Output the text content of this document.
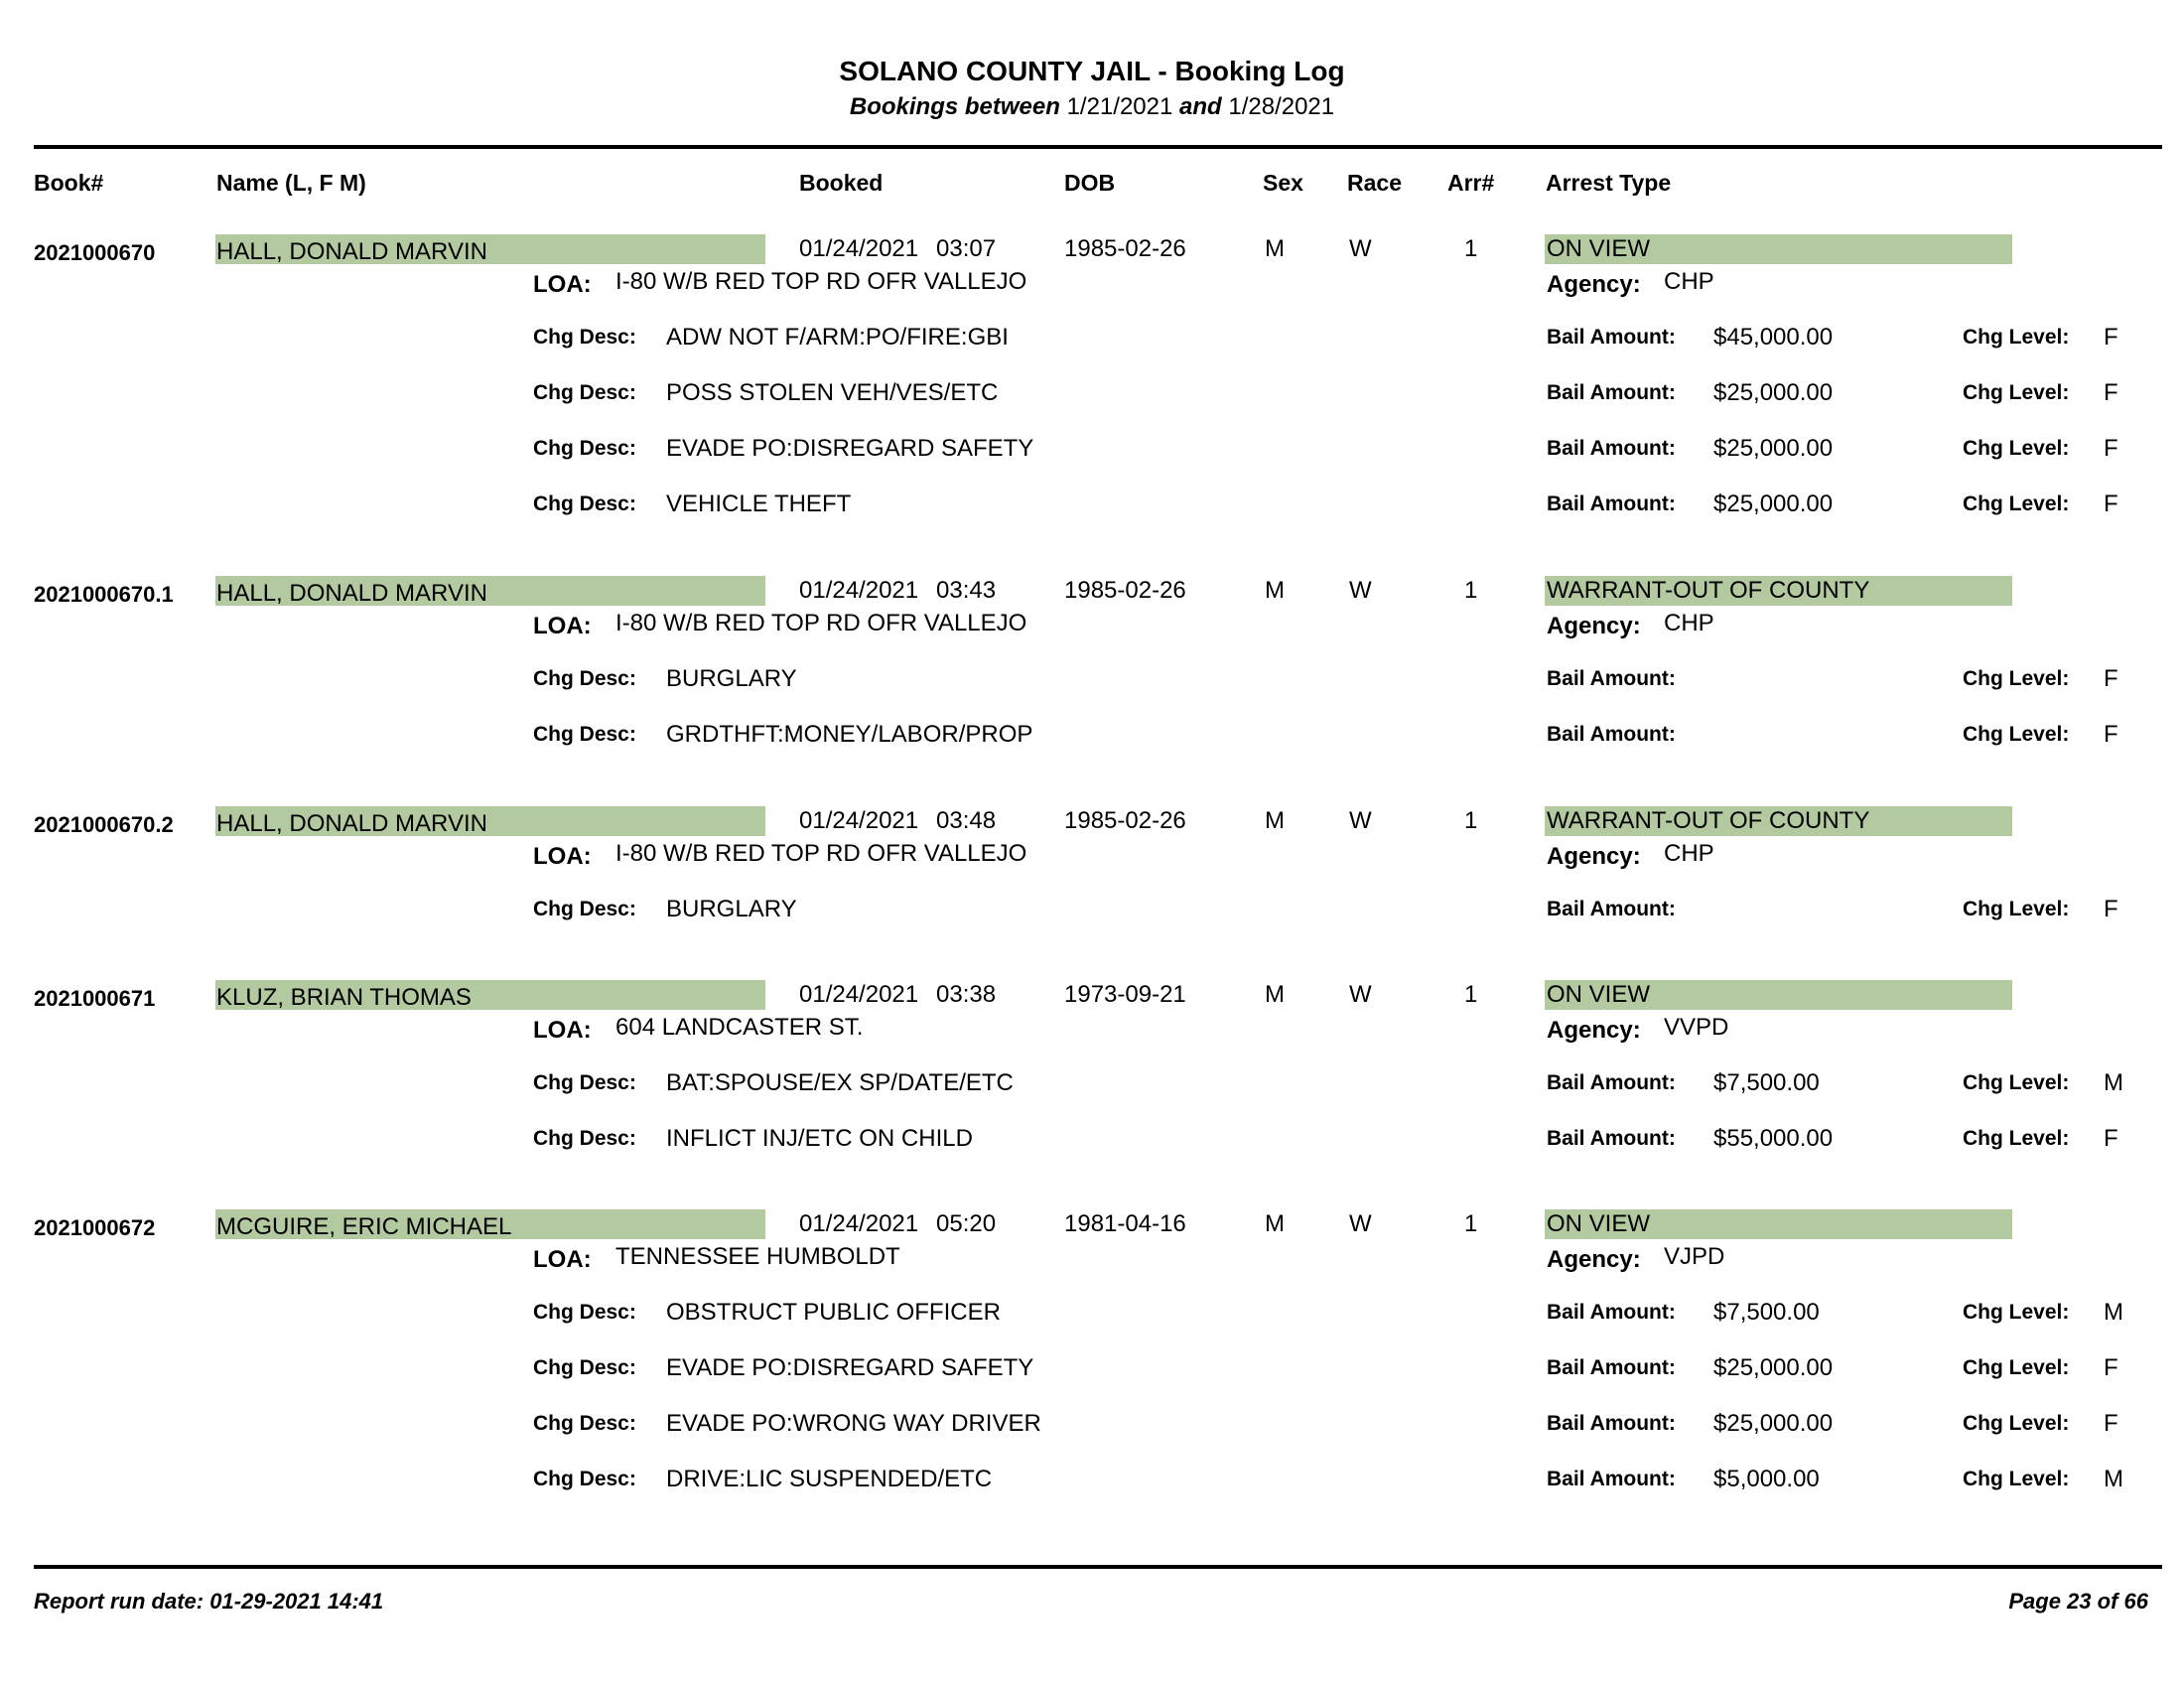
SOLANO COUNTY JAIL - Booking Log
Bookings between 1/21/2021 and 1/28/2021
Book#	Name (L, F M)	Booked	DOB	Sex Race Arr# Arrest Type
2021000670	HALL, DONALD MARVIN	01/24/2021 03:07	1985-02-26	M	W	1	ON VIEW
LOA: I-80 W/B RED TOP RD OFR VALLEJO	Agency: CHP
Chg Desc: ADW NOT F/ARM:PO/FIRE:GBI	Bail Amount: $45,000.00	Chg Level: F
Chg Desc: POSS STOLEN VEH/VES/ETC	Bail Amount: $25,000.00	Chg Level: F
Chg Desc: EVADE PO:DISREGARD SAFETY	Bail Amount: $25,000.00	Chg Level: F
Chg Desc: VEHICLE THEFT	Bail Amount: $25,000.00	Chg Level: F
2021000670.1 HALL, DONALD MARVIN	01/24/2021 03:43	1985-02-26	M	W	1	WARRANT-OUT OF COUNTY
LOA: I-80 W/B RED TOP RD OFR VALLEJO	Agency: CHP
Chg Desc: BURGLARY	Bail Amount:	Chg Level: F
Chg Desc: GRDTHFT:MONEY/LABOR/PROP	Bail Amount:	Chg Level: F
2021000670.2 HALL, DONALD MARVIN	01/24/2021 03:48	1985-02-26	M	W	1	WARRANT-OUT OF COUNTY
LOA: I-80 W/B RED TOP RD OFR VALLEJO	Agency: CHP
Chg Desc: BURGLARY	Bail Amount:	Chg Level: F
2021000671	KLUZ, BRIAN THOMAS	01/24/2021 03:38	1973-09-21	M	W	1	ON VIEW
LOA: 604 LANDCASTER ST.	Agency: VVPD
Chg Desc: BAT:SPOUSE/EX SP/DATE/ETC	Bail Amount: $7,500.00	Chg Level: M
Chg Desc: INFLICT INJ/ETC ON CHILD	Bail Amount: $55,000.00	Chg Level: F
2021000672	MCGUIRE, ERIC MICHAEL	01/24/2021 05:20	1981-04-16	M	W	1	ON VIEW
LOA: TENNESSEE HUMBOLDT	Agency: VJPD
Chg Desc: OBSTRUCT PUBLIC OFFICER	Bail Amount: $7,500.00	Chg Level: M
Chg Desc: EVADE PO:DISREGARD SAFETY	Bail Amount: $25,000.00	Chg Level: F
Chg Desc: EVADE PO:WRONG WAY DRIVER	Bail Amount: $25,000.00	Chg Level: F
Chg Desc: DRIVE:LIC SUSPENDED/ETC	Bail Amount: $5,000.00	Chg Level: M
Report run date: 01-29-2021 14:41	Page 23 of 66
